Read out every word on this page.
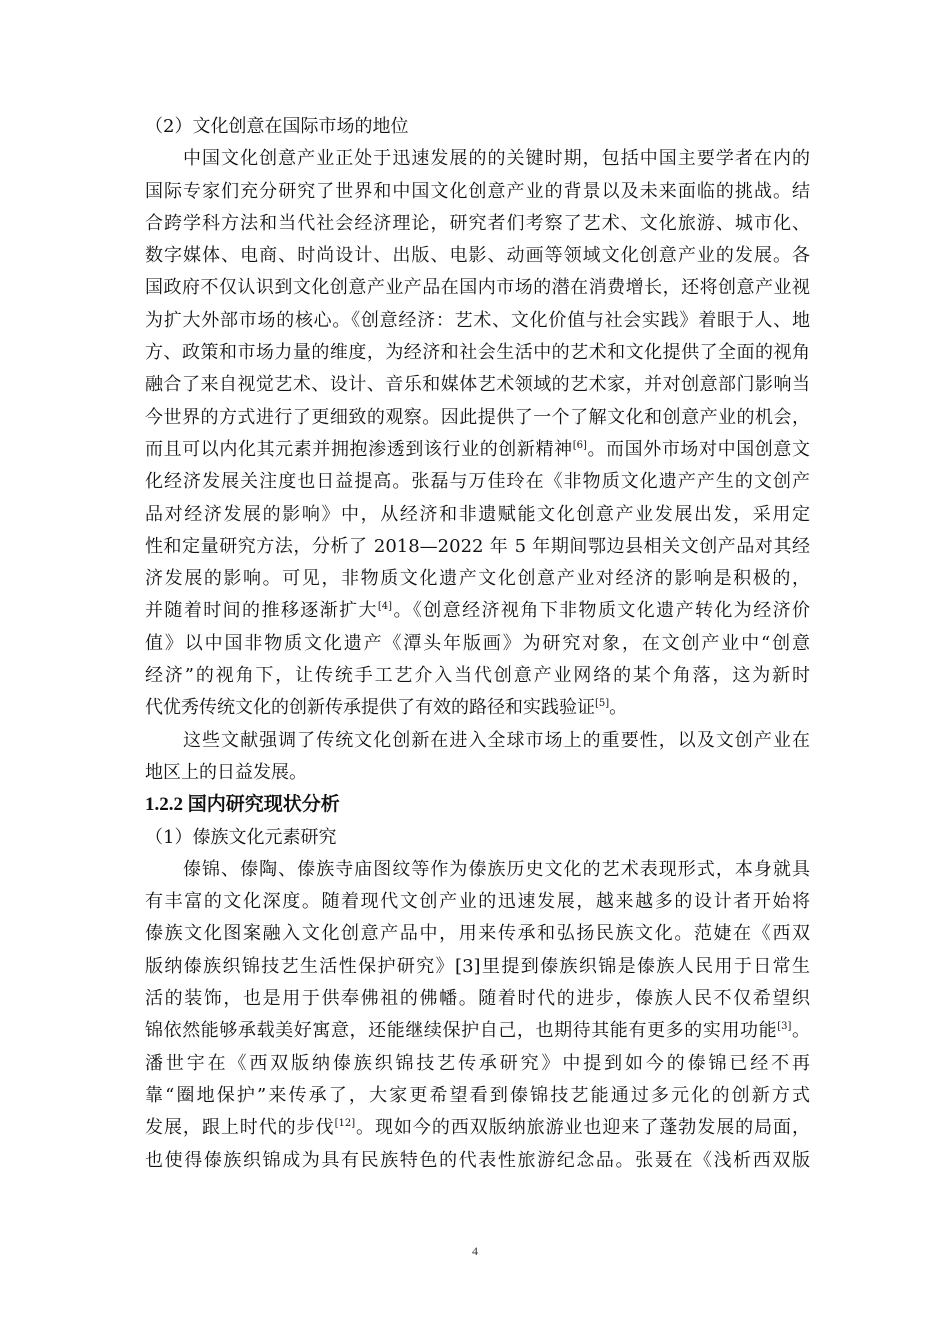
（2）文化创意在国际市场的地位
中国文化创意产业正处于迅速发展的的关键时期，包括中国主要学者在内的
国际专家们充分研究了世界和中国文化创意产业的背景以及未来面临的挑战。结
合跨学科方法和当代社会经济理论，研究者们考察了艺术、文化旅游、城市化、
数字媒体、电商、时尚设计、出版、电影、动画等领域文化创意产业的发展。各
国政府不仅认识到文化创意产业产品在国内市场的潜在消费增长，还将创意产业视
为扩大外部市场的核心。《创意经济：艺术、文化价值与社会实践》着眼于人、地
方、政策和市场力量的维度，为经济和社会生活中的艺术和文化提供了全面的视角
融合了来自视觉艺术、设计、音乐和媒体艺术领域的艺术家，并对创意部门影响当
今世界的方式进行了更细致的观察。因此提供了一个了解文化和创意产业的机会，
而且可以内化其元素并拥抱渗透到该行业的创新精神[6]。而国外市场对中国创意文
化经济发展关注度也日益提高。张磊与万佳玲在《非物质文化遗产产生的文创产
品对经济发展的影响》中，从经济和非遗赋能文化创意产业发展出发，采用定
性和定量研究方法，分析了 2018—2022 年 5 年期间鄂边县相关文创产品对其经
济发展的影响。可见，非物质文化遗产文化创意产业对经济的影响是积极的，
并随着时间的推移逐渐扩大[4]。《创意经济视角下非物质文化遗产转化为经济价
值》以中国非物质文化遗产《潭头年版画》为研究对象，在文创产业中“创意
经济”的视角下，让传统手工艺介入当代创意产业网络的某个角落，这为新时
代优秀传统文化的创新传承提供了有效的路径和实践验证[5]。
这些文献强调了传统文化创新在进入全球市场上的重要性，以及文创产业在
地区上的日益发展。
1.2.2 国内研究现状分析
（1）傣族文化元素研究
傣锦、傣陶、傣族寺庙图纹等作为傣族历史文化的艺术表现形式，本身就具
有丰富的文化深度。随着现代文创产业的迅速发展，越来越多的设计者开始将
傣族文化图案融入文化创意产品中，用来传承和弘扬民族文化。范婕在《西双
版纳傣族织锦技艺生活性保护研究》[3]里提到傣族织锦是傣族人民用于日常生
活的装饰，也是用于供奉佛祖的佛幡。随着时代的进步，傣族人民不仅希望织
锦依然能够承载美好寓意，还能继续保护自己，也期待其能有更多的实用功能[3]。
潘世宇在《西双版纳傣族织锦技艺传承研究》中提到如今的傣锦已经不再
靠“圈地保护”来传承了，大家更希望看到傣锦技艺能通过多元化的创新方式
发展，跟上时代的步伐[12]。现如今的西双版纳旅游业也迎来了蓬勃发展的局面，
也使得傣族织锦成为具有民族特色的代表性旅游纪念品。张聂在《浅析西双版
4
